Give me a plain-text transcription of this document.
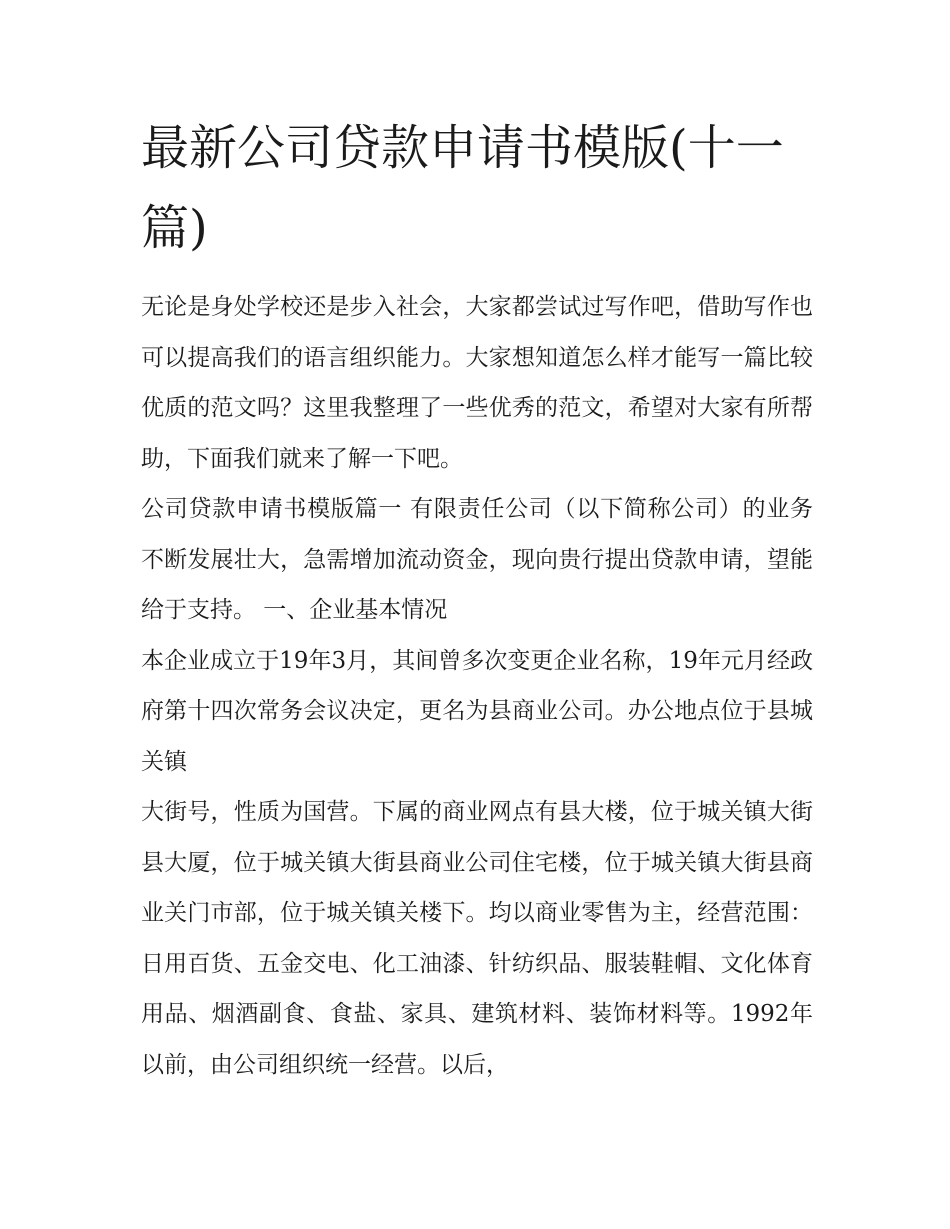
最新公司贷款申请书模版(十一篇)

无论是身处学校还是步入社会，大家都尝试过写作吧，借助写作也可以提高我们的语言组织能力。大家想知道怎么样才能写一篇比较优质的范文吗？这里我整理了一些优秀的范文，希望对大家有所帮助，下面我们就来了解一下吧。

公司贷款申请书模版篇一 有限责任公司（以下简称公司）的业务不断发展壮大，急需增加流动资金，现向贵行提出贷款申请，望能给于支持。 一、企业基本情况

本企业成立于19年3月，其间曾多次变更企业名称，19年元月经政府第十四次常务会议决定，更名为县商业公司。办公地点位于县城关镇

大街号，性质为国营。下属的商业网点有县大楼，位于城关镇大街县大厦，位于城关镇大街县商业公司住宅楼，位于城关镇大街县商业关门市部，位于城关镇关楼下。均以商业零售为主，经营范围：日用百货、五金交电、化工油漆、针纺织品、服装鞋帽、文化体育用品、烟酒副食、食盐、家具、建筑材料、装饰材料等。1992年以前，由公司组织统一经营。以后，
